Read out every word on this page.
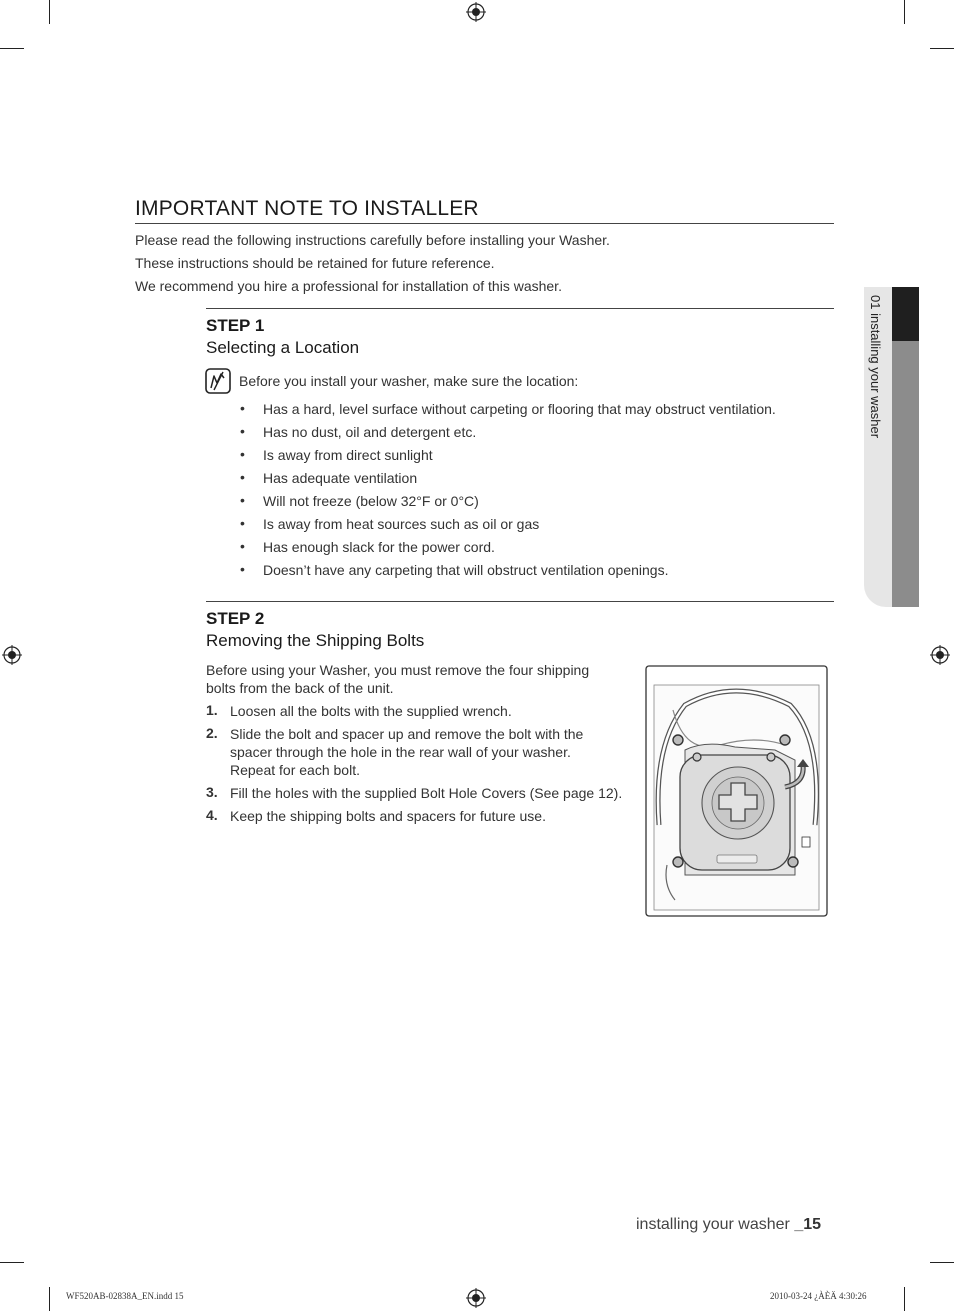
IMPORTANT NOTE TO INSTALLER
Please read the following instructions carefully before installing your Washer.
These instructions should be retained for future reference.
We recommend you hire a professional for installation of this washer.
01 installing your washer
STEP 1
Selecting a Location
Before you install your washer, make sure the location:
• Has a hard, level surface without carpeting or flooring that may obstruct ventilation.
• Has no dust, oil and detergent etc.
• Is away from direct sunlight
• Has adequate ventilation
• Will not freeze (below 32°F or 0°C)
• Is away from heat sources such as oil or gas
• Has enough slack for the power cord.
• Doesn’t have any carpeting that will obstruct ventilation openings.
STEP 2
Removing the Shipping Bolts
Before using your Washer, you must remove the four shipping bolts from the back of the unit.
1. Loosen all the bolts with the supplied wrench.
2. Slide the bolt and spacer up and remove the bolt with the spacer through the hole in the rear wall of your washer. Repeat for each bolt.
3. Fill the holes with the supplied Bolt Hole Covers (See page 12).
4. Keep the shipping bolts and spacers for future use.
installing your washer _15
WF520AB-02838A_EN.indd 15	2010-03-24 ¿ÀÈÄ 4:30:26
